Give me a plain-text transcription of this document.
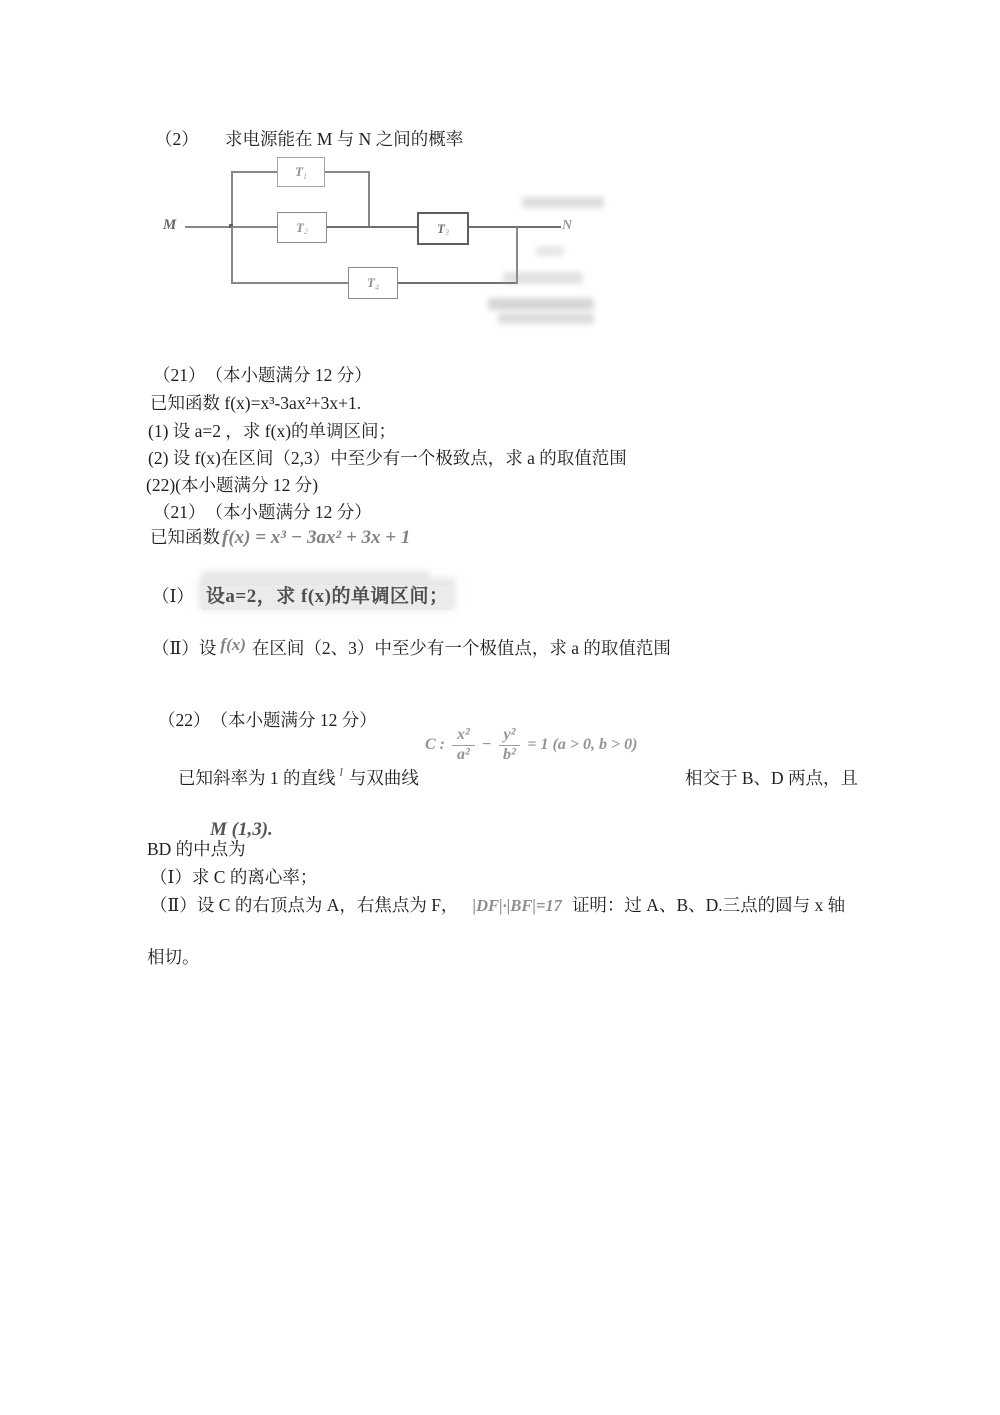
（2）　　求电源能在 M 与 N 之间的概率
M	N
T 1
T 2	T 3
T 4
（21）　（本小题满分 12 分）
已知函数 f(x)=x³-3ax²+3x+1.
(1) 设 a=2 ，求 f(x)的单调区间；
(2) 设 f(x)在区间（2,3）中至少有一个极致点，求 a 的取值范围
(22)(本小题满分 12 分)
（21）　（本小题满分 12 分）
已知函数 f(x) = x³ − 3ax² + 3x + 1
（Ⅰ） 设a=2，求 f(x)的单调区间；
（Ⅱ）设 f(x) 在区间（2、3）中至少有一个极值点，求 a 的取值范围
（22）　（本小题满分 12 分）
C : $\frac{\text{x²}}{\text{a²}} - \frac{\text{y²}}{\text{b²}} = 1$ (a > 0, b > 0)
已知斜率为 1 的直线 l 与双曲线	相交于 B、D 两点，且
M (1,3).
BD 的中点为
（Ⅰ）求 C 的离心率；
（Ⅱ）设 C 的右顶点为 A，右焦点为 F， |DF|·|BF|=17 证明：过 A、B、D.三点的圆与 x 轴
相切。
